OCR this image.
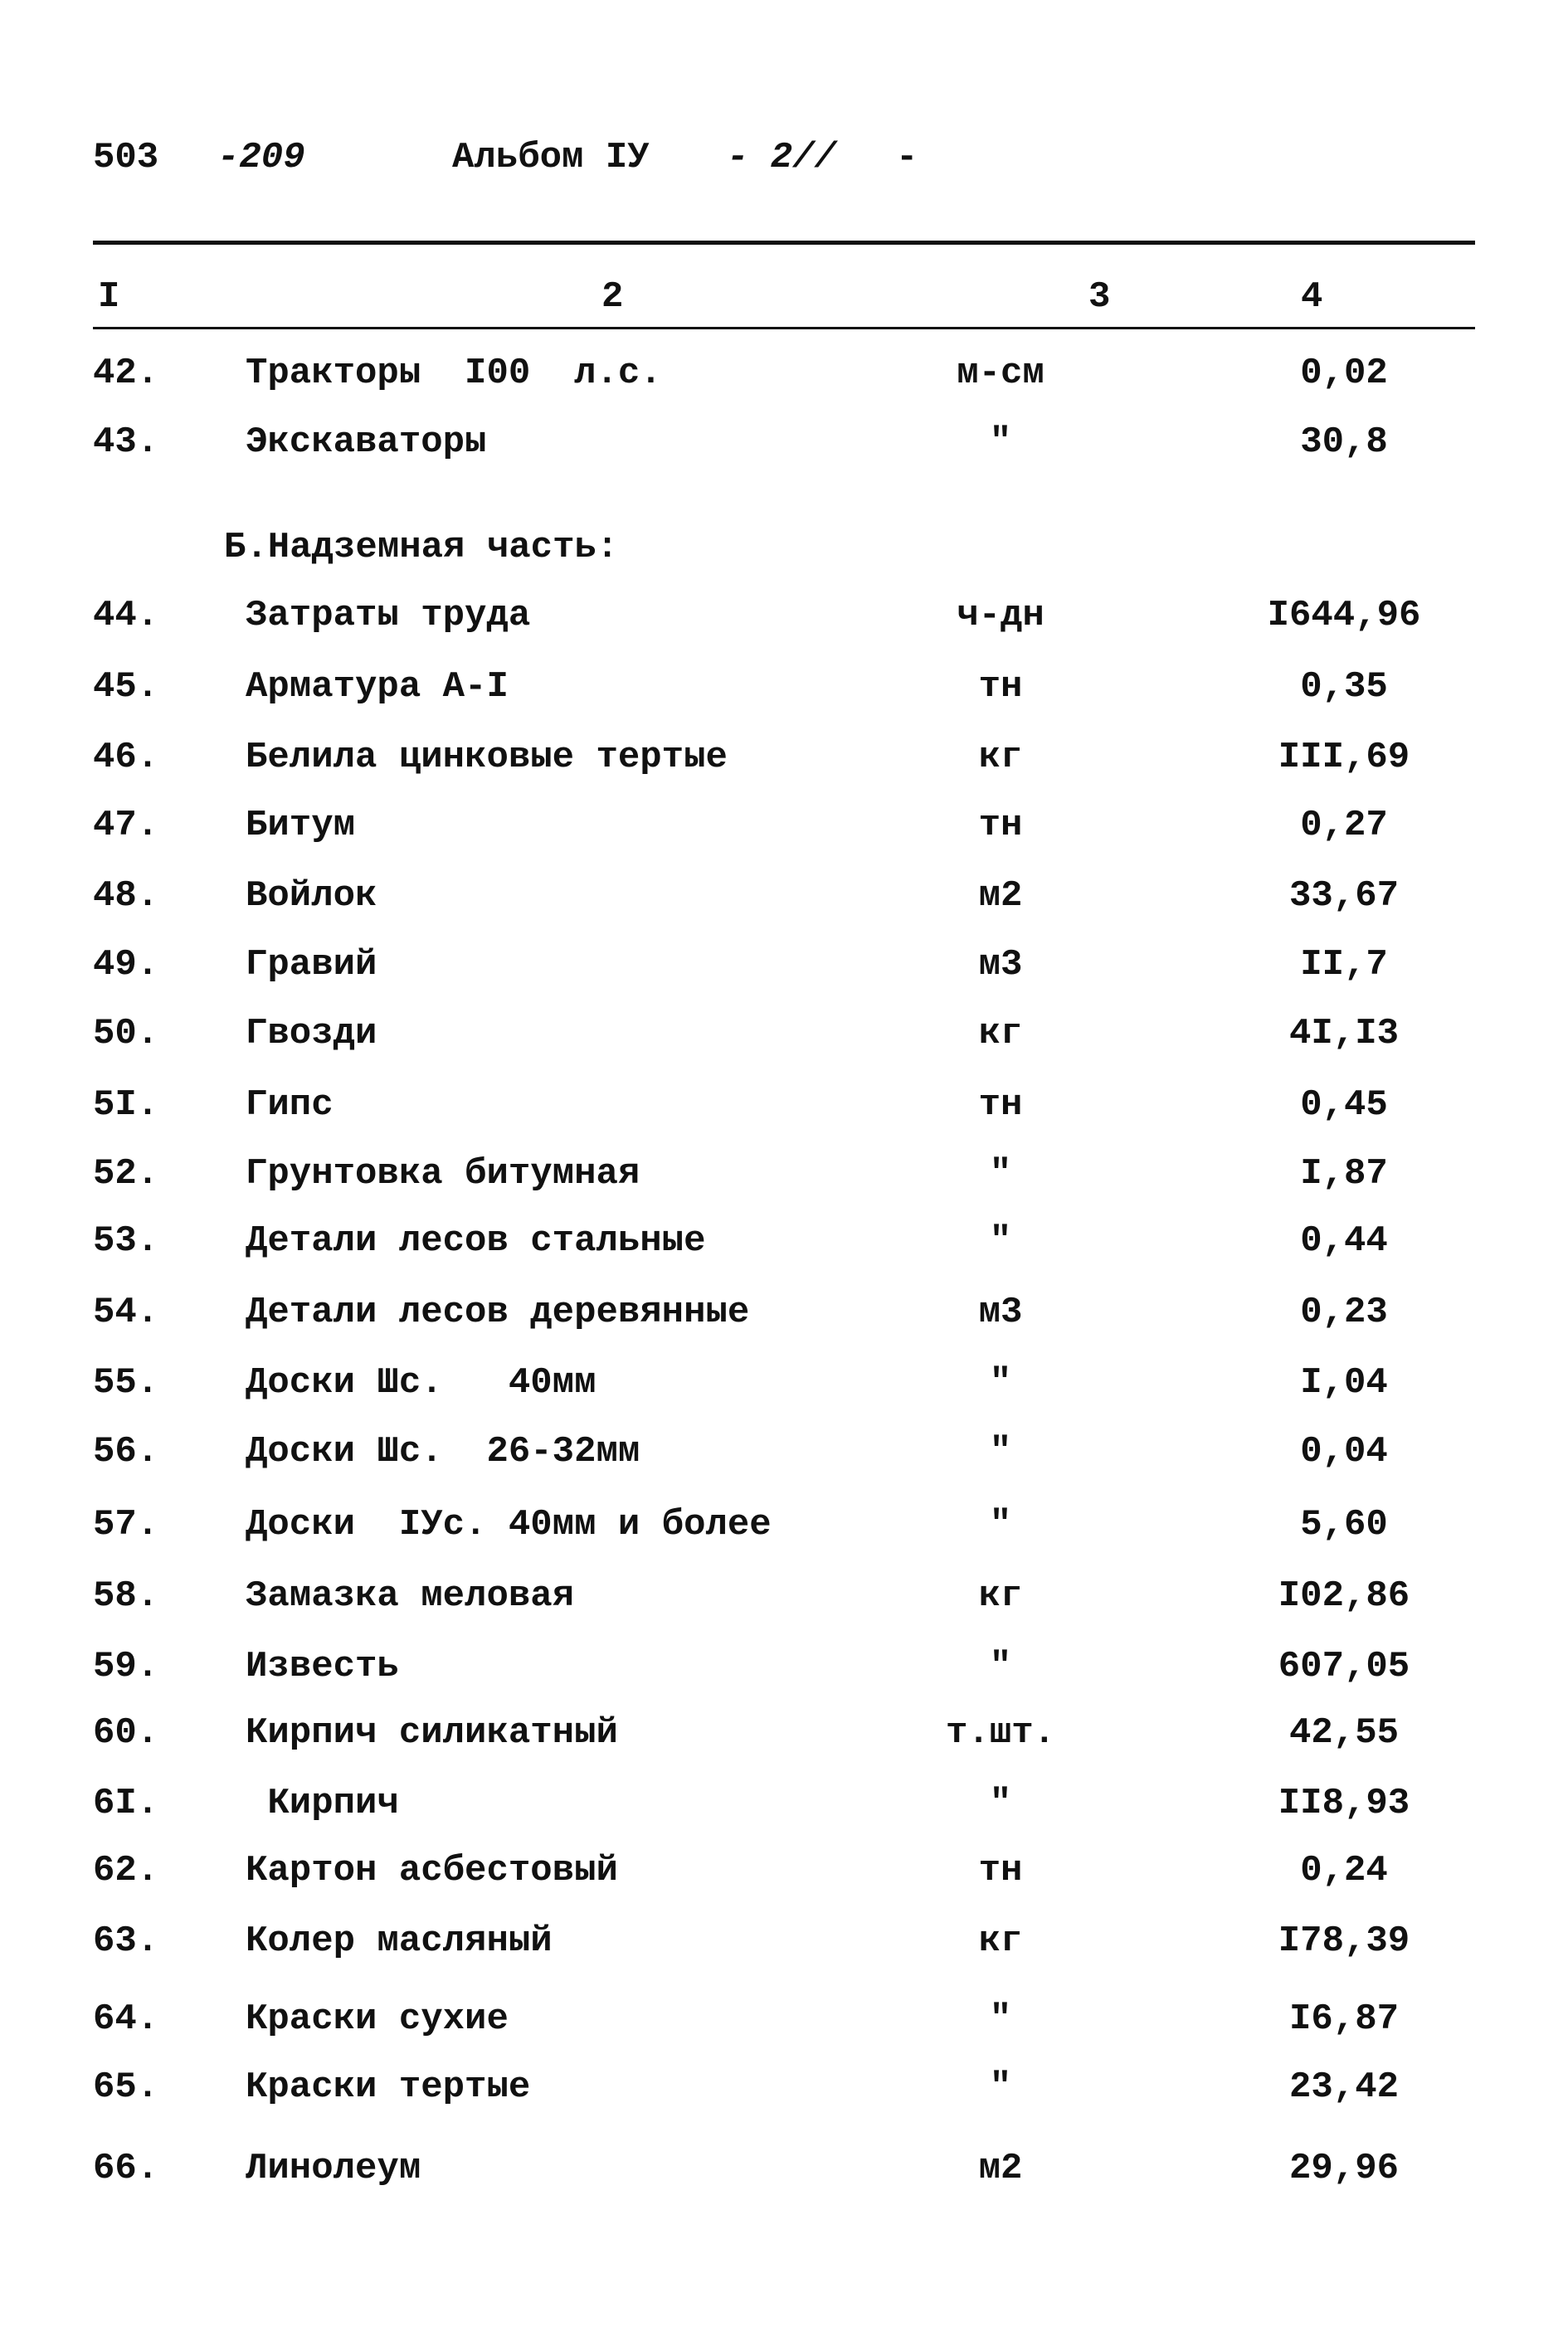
503 -209	Альбом IУ - 2// -
I	2	3	4
42. Тракторы  I00  л.с.	м-см	0,02
43. Экскаваторы	"	30,8
Б.Надземная часть:
44. Затраты труда	ч-дн	I644,96
45. Арматура А-I	тн	0,35
46. Белила цинковые тертые	кг	III,69
47. Битум	тн	0,27
48. Войлок	м2	33,67
49. Гравий	м3	II,7
50. Гвозди	кг	4I,I3
5I. Гипс	тн	0,45
52. Грунтовка битумная	"	I,87
53. Детали лесов стальные	"	0,44
54. Детали лесов деревянные	м3	0,23
55. Доски Шс.   40мм	"	I,04
56. Доски Шс.  26-32мм	"	0,04
57. Доски  IУс. 40мм и более	"	5,60
58. Замазка меловая	кг	I02,86
59. Известь	"	607,05
60. Кирпич силикатный	т.шт.	42,55
6I. Кирпич	"	II8,93
62. Картон асбестовый	тн	0,24
63. Колер масляный	кг	I78,39
64. Краски сухие	"	I6,87
65. Краски тертые	"	23,42
66. Линолеум	м2	29,96
